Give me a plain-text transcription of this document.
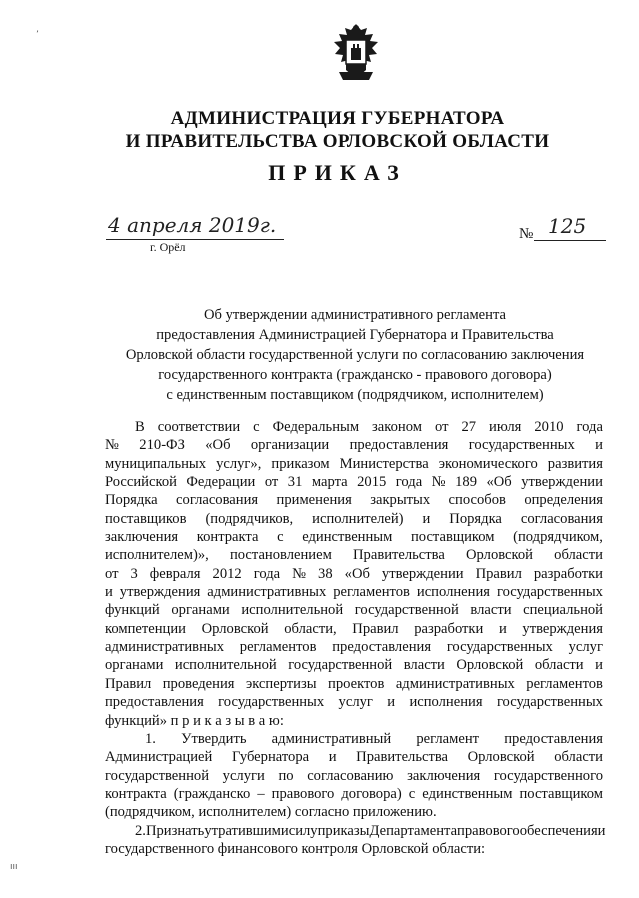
’
АДМИНИСТРАЦИЯ ГУБЕРНАТОРА
И ПРАВИТЕЛЬСТВА ОРЛОВСКОЙ ОБЛАСТИ
ПРИКАЗ
4 апреля 2019г.
г. Орёл
№ 125
Об утверждении административного регламента
предоставления Администрацией Губернатора и Правительства
Орловской области государственной услуги по согласованию заключения
государственного контракта (гражданско - правового договора)
с единственным поставщиком (подрядчиком, исполнителем)
В соответствии с Федеральным законом от 27 июля 2010 года
№ 210-ФЗ «Об организации предоставления государственных и
муниципальных услуг», приказом Министерства экономического развития
Российской Федерации от 31 марта 2015 года № 189 «Об утверждении
Порядка согласования применения закрытых способов определения
поставщиков (подрядчиков, исполнителей) и Порядка согласования
заключения контракта с единственным поставщиком (подрядчиком,
исполнителем)», постановлением Правительства Орловской области
от 3 февраля 2012 года № 38 «Об утверждении Правил разработки
и утверждения административных регламентов исполнения государственных
функций органами исполнительной государственной власти специальной
компетенции Орловской области, Правил разработки и утверждения
административных регламентов предоставления государственных услуг
органами исполнительной государственной власти Орловской области и
Правил проведения экспертизы проектов административных регламентов
предоставления государственных услуг и исполнения государственных
функций» п р и к а з ы в а ю:
1. Утвердить административный регламент предоставления
Администрацией Губернатора и Правительства Орловской области
государственной услуги по согласованию заключения государственного
контракта (гражданско – правового договора) с единственным поставщиком
(подрядчиком, исполнителем) согласно приложению.
2. Признать утратившими силу приказы Департамента правового обеспечения и
государственного финансового контроля Орловской области:
ııı
